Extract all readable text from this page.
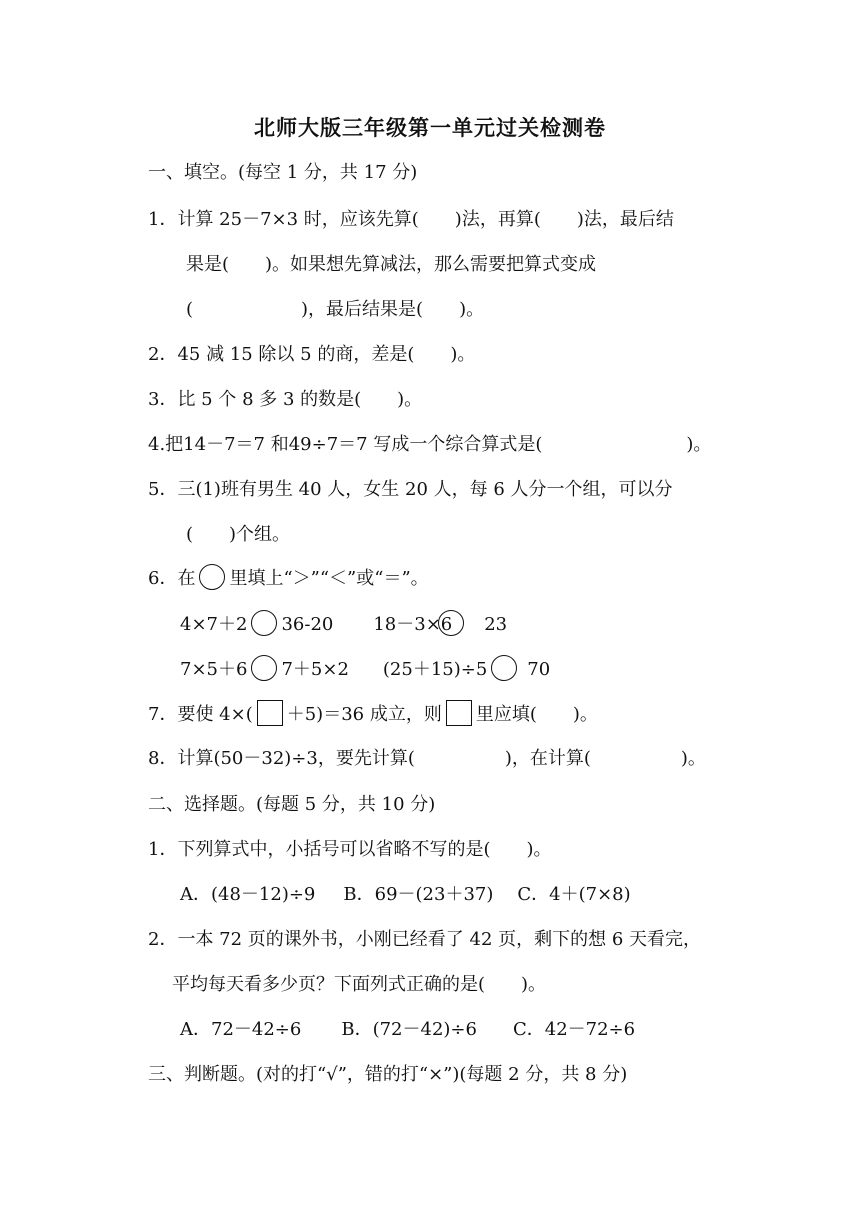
北师大版三年级第一单元过关检测卷
一、填空。(每空 1 分，共 17 分)
1．计算 25－7×3 时，应该先算(　　)法，再算(　　)法，最后结
果是(　　)。如果想先算减法，那么需要把算式变成
(　　　　　　)，最后结果是(　　)。
2．45 减 15 除以 5 的商，差是(　　)。
3．比 5 个 8 多 3 的数是(　　)。
4.把14－7＝7 和49÷7＝7 写成一个综合算式是(　　　　　　　　)。
5．三(1)班有男生 40 人，女生 20 人，每 6 人分一个组，可以分
(　　)个组。
6．在 里填上“＞”“＜”或“＝”。
4×7＋2 36-20 18－3×6 23
7×5＋6 7＋5×2 (25＋15)÷5 70
7．要使 4×( ＋5)＝36 成立，则 里应填(　　)。
8．计算(50－32)÷3，要先计算(　　　　　)，在计算(　　　　　)。
二、选择题。(每题 5 分，共 10 分)
1．下列算式中，小括号可以省略不写的是(　　)。
A．(48－12)÷9 B．69－(23＋37) C．4＋(7×8)
2．一本 72 页的课外书，小刚已经看了 42 页，剩下的想 6 天看完，
平均每天看多少页？下面列式正确的是(　　)。
A．72－42÷6 B．(72－42)÷6 C．42－72÷6
三、判断题。(对的打“√”，错的打“×”)(每题 2 分，共 8 分)
